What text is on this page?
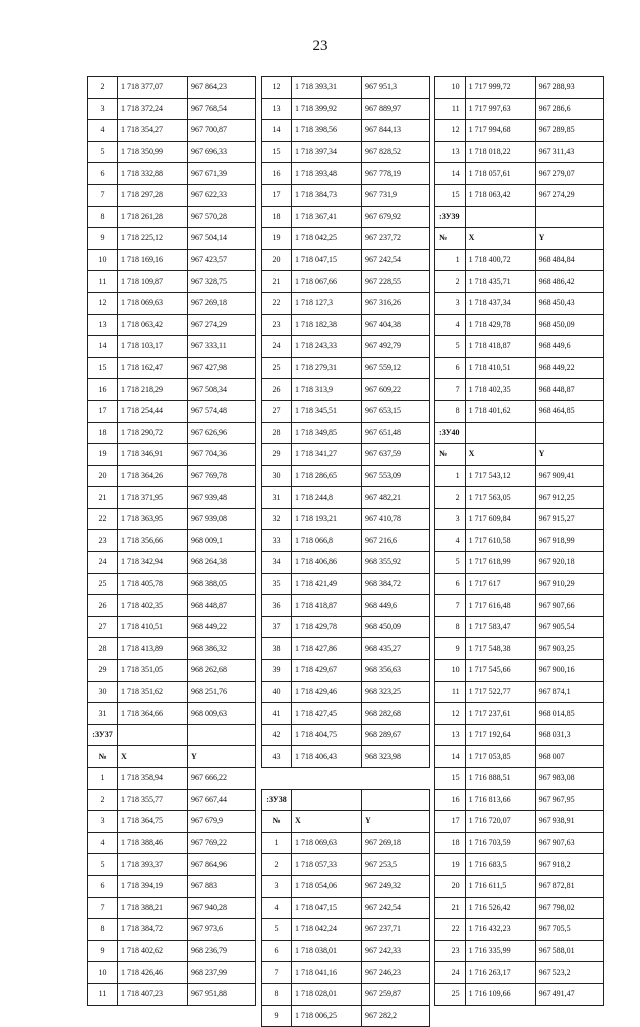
23
2	1 718 377,07	967 864,23
3	1 718 372,24	967 768,54
4	1 718 354,27	967 700,87
5	1 718 350,99	967 696,33
6	1 718 332,88	967 671,39
7	1 718 297,28	967 622,33
8	1 718 261,28	967 570,28
9	1 718 225,12	967 504,14
10	1 718 169,16	967 423,57
11	1 718 109,87	967 328,75
12	1 718 069,63	967 269,18
13	1 718 063,42	967 274,29
14	1 718 103,17	967 333,11
15	1 718 162,47	967 427,98
16	1 718 218,29	967 508,34
17	1 718 254,44	967 574,48
18	1 718 290,72	967 626,96
19	1 718 346,91	967 704,36
20	1 718 364,26	967 769,78
21	1 718 371,95	967 939,48
22	1 718 363,95	967 939,08
23	1 718 356,66	968 009,1
24	1 718 342,94	968 264,38
25	1 718 405,78	968 388,05
26	1 718 402,35	968 448,87
27	1 718 410,51	968 449,22
28	1 718 413,89	968 386,32
29	1 718 351,05	968 262,68
30	1 718 351,62	968 251,76
31	1 718 364,66	968 009,63
:ЗУ37		
№	X	Y
1	1 718 358,94	967 666,22
2	1 718 355,77	967 667,44
3	1 718 364,75	967 679,9
4	1 718 388,46	967 769,22
5	1 718 393,37	967 864,96
6	1 718 394,19	967 883
7	1 718 388,21	967 940,28
8	1 718 384,72	967 973,6
9	1 718 402,62	968 236,79
10	1 718 426,46	968 237,99
11	1 718 407,23	967 951,88
12	1 718 393,31	967 951,3
13	1 718 399,92	967 889,97
14	1 718 398,56	967 844,13
15	1 718 397,34	967 828,52
16	1 718 393,48	967 778,19
17	1 718 384,73	967 731,9
18	1 718 367,41	967 679,92
19	1 718 042,25	967 237,72
20	1 718 047,15	967 242,54
21	1 718 067,66	967 228,55
22	1 718 127,3	967 316,26
23	1 718 182,38	967 404,38
24	1 718 243,33	967 492,79
25	1 718 279,31	967 559,12
26	1 718 313,9	967 609,22
27	1 718 345,51	967 653,15
28	1 718 349,85	967 651,48
29	1 718 341,27	967 637,59
30	1 718 286,65	967 553,09
31	1 718 244,8	967 482,21
32	1 718 193,21	967 410,78
33	1 718 066,8	967 216,6
34	1 718 406,86	968 355,92
35	1 718 421,49	968 384,72
36	1 718 418,87	968 449,6
37	1 718 429,78	968 450,09
38	1 718 427,86	968 435,27
39	1 718 429,67	968 356,63
40	1 718 429,46	968 323,25
41	1 718 427,45	968 282,68
42	1 718 404,75	968 289,67
43	1 718 406,43	968 323,98

:ЗУ38		
№	X	Y
1	1 718 069,63	967 269,18
2	1 718 057,33	967 253,5
3	1 718 054,06	967 249,32
4	1 718 047,15	967 242,54
5	1 718 042,24	967 237,71
6	1 718 038,01	967 242,33
7	1 718 041,16	967 246,23
8	1 718 028,01	967 259,87
9	1 718 006,25	967 282,2
10	1 717 999,72	967 288,93
11	1 717 997,63	967 286,6
12	1 717 994,68	967 289,85
13	1 718 018,22	967 311,43
14	1 718 057,61	967 279,07
15	1 718 063,42	967 274,29
:ЗУ39		
№	X	Y
1	1 718 400,72	968 484,84
2	1 718 435,71	968 486,42
3	1 718 437,34	968 450,43
4	1 718 429,78	968 450,09
5	1 718 418,87	968 449,6
6	1 718 410,51	968 449,22
7	1 718 402,35	968 448,87
8	1 718 401,62	968 464,85
:ЗУ40		
№	X	Y
1	1 717 543,12	967 909,41
2	1 717 563,05	967 912,25
3	1 717 609,84	967 915,27
4	1 717 610,58	967 918,99
5	1 717 618,99	967 920,18
6	1 717 617	967 910,29
7	1 717 616,48	967 907,66
8	1 717 583,47	967 905,54
9	1 717 548,38	967 903,25
10	1 717 545,66	967 900,16
11	1 717 522,77	967 874,1
12	1 717 237,61	968 014,85
13	1 717 192,64	968 031,3
14	1 717 053,85	968 007
15	1 716 888,51	967 983,08
16	1 716 813,66	967 967,95
17	1 716 720,07	967 938,91
18	1 716 703,59	967 907,63
19	1 716 683,5	967 918,2
20	1 716 611,5	967 872,81
21	1 716 526,42	967 798,02
22	1 716 432,23	967 705,5
23	1 716 335,99	967 588,01
24	1 716 263,17	967 523,2
25	1 716 109,66	967 491,47
